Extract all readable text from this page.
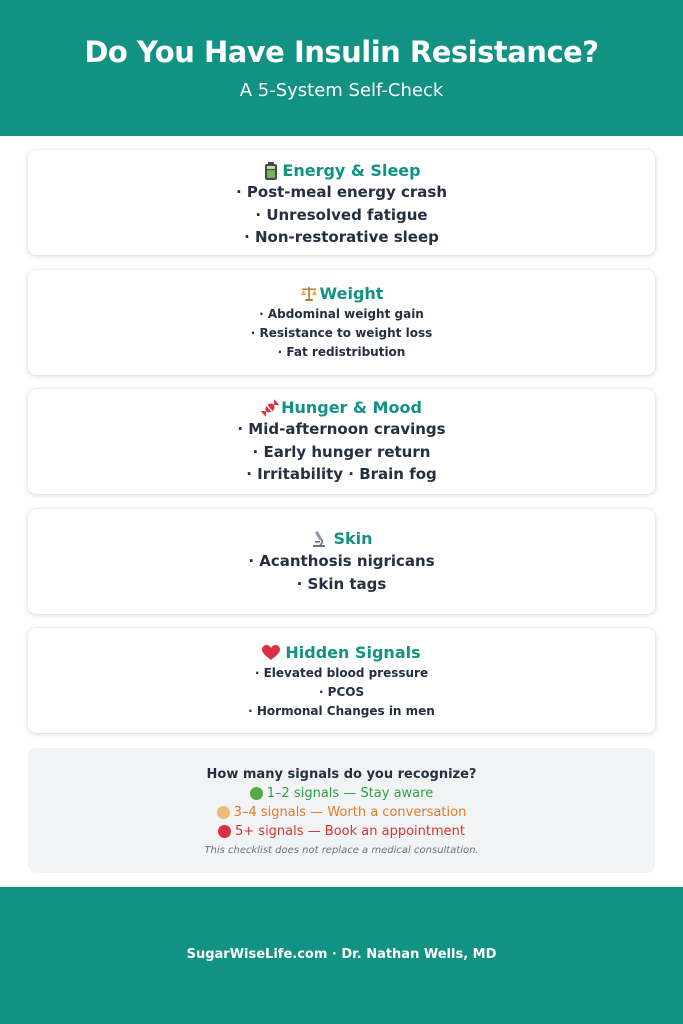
Do You Have Insulin Resistance?
A 5-System Self-Check
Energy & Sleep
· Post-meal energy crash
· Unresolved fatigue
· Non-restorative sleep
Weight
· Abdominal weight gain
· Resistance to weight loss
· Fat redistribution
Hunger & Mood
· Mid-afternoon cravings
· Early hunger return
· Irritability · Brain fog
Skin
· Acanthosis nigricans
· Skin tags
Hidden Signals
· Elevated blood pressure
· PCOS
· Hormonal Changes in men
How many signals do you recognize?
1–2 signals — Stay aware
3–4 signals — Worth a conversation
5+ signals — Book an appointment
This checklist does not replace a medical consultation.
SugarWiseLife.com · Dr. Nathan Wells, MD
